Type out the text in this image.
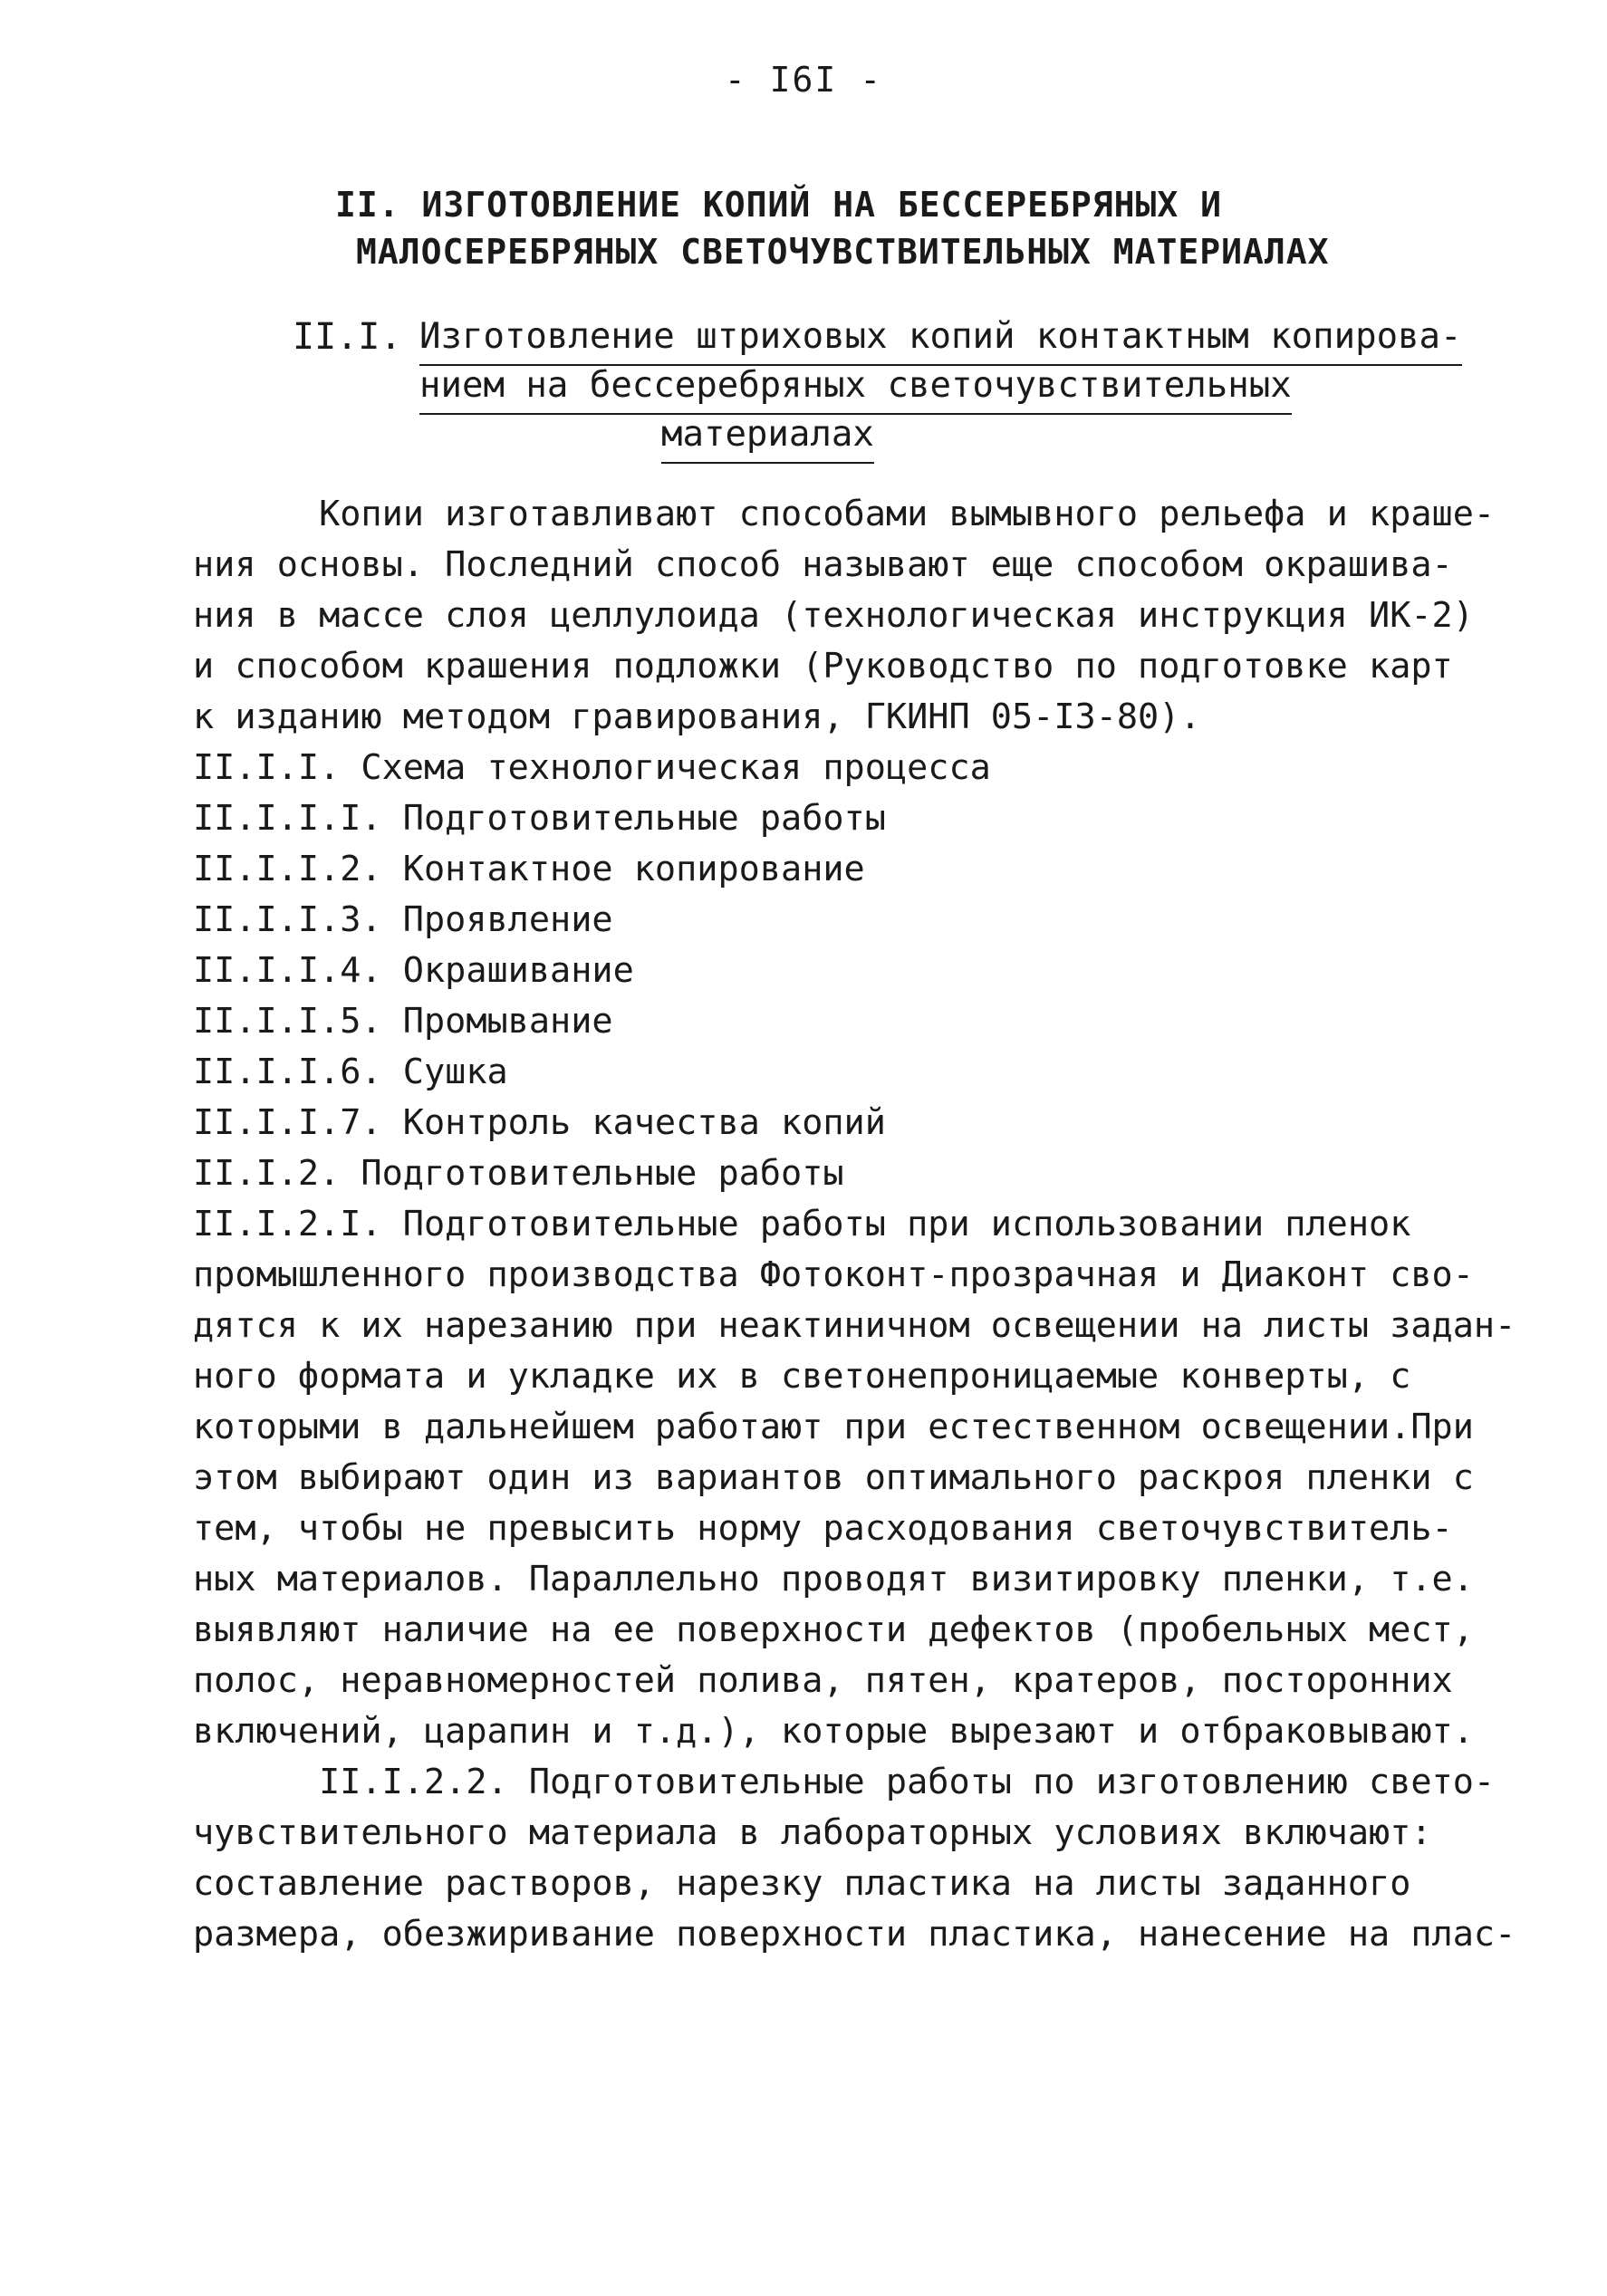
- I6I -
II. ИЗГОТОВЛЕНИЕ КОПИЙ НА БЕССЕРЕБРЯНЫХ И
МАЛОСЕРЕБРЯНЫХ СВЕТОЧУВСТВИТЕЛЬНЫХ МАТЕРИАЛАХ
II.I. Изготовление штриховых копий контактным копирова-
нием на бессеребряных светочувствительных
материалах
Копии изготавливают способами вымывного рельефа и краше-
ния основы. Последний способ называют еще способом окрашива-
ния в массе слоя целлулоида (технологическая инструкция ИК-2)
и способом крашения подложки (Руководство по подготовке карт
к изданию методом гравирования, ГКИНП 05-I3-80).
II.I.I. Схема технологическая процесса
II.I.I.I. Подготовительные работы
II.I.I.2. Контактное копирование
II.I.I.3. Проявление
II.I.I.4. Окрашивание
II.I.I.5. Промывание
II.I.I.6. Сушка
II.I.I.7. Контроль качества копий
II.I.2. Подготовительные работы
II.I.2.I. Подготовительные работы при использовании пленок
промышленного производства Фотоконт-прозрачная и Диаконт сво-
дятся к их нарезанию при неактиничном освещении на листы задан-
ного формата и укладке их в светонепроницаемые конверты, с
которыми в дальнейшем работают при естественном освещении.При
этом выбирают один из вариантов оптимального раскроя пленки с
тем, чтобы не превысить норму расходования светочувствитель-
ных материалов. Параллельно проводят визитировку пленки, т.е.
выявляют наличие на ее поверхности дефектов (пробельных мест,
полос, неравномерностей полива, пятен, кратеров, посторонних
включений, царапин и т.д.), которые вырезают и отбраковывают.
II.I.2.2. Подготовительные работы по изготовлению свето-
чувствительного материала в лабораторных условиях включают:
составление растворов, нарезку пластика на листы заданного
размера, обезжиривание поверхности пластика, нанесение на плас-
